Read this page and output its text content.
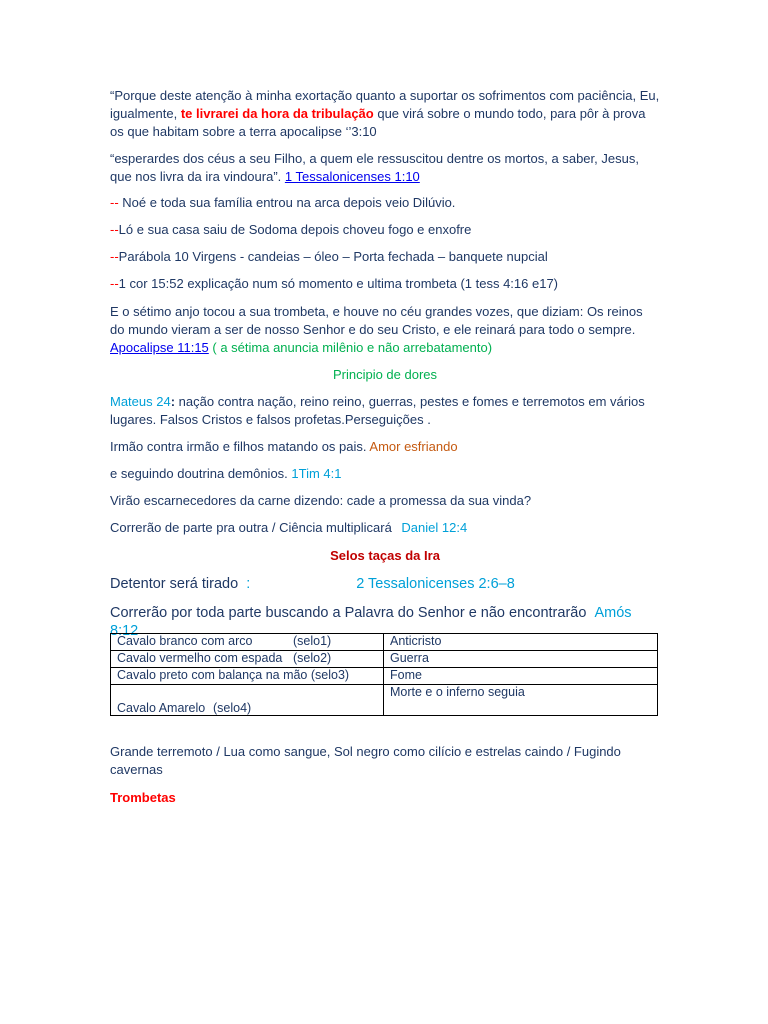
“Porque deste atenção à minha exortação quanto a suportar os sofrimentos com paciência, Eu, igualmente, te livrarei da hora da tribulação que virá sobre o mundo todo, para pôr à prova os que habitam sobre a terra apocalipse ‘’3:10

“esperardes dos céus a seu Filho, a quem ele ressuscitou dentre os mortos, a saber, Jesus, que nos livra da ira vindoura”. 1 Tessalonicenses 1:10

-- Noé e toda sua família entrou na arca depois veio Dilúvio.

--Ló e sua casa saiu de Sodoma depois choveu fogo e enxofre

--Parábola 10 Virgens - candeias – óleo – Porta fechada – banquete nupcial

--1 cor 15:52 explicação num só momento e ultima trombeta (1 tess 4:16 e17)

E o sétimo anjo tocou a sua trombeta, e houve no céu grandes vozes, que diziam: Os reinos do mundo vieram a ser de nosso Senhor e do seu Cristo, e ele reinará para todo o sempre. Apocalipse 11:15 ( a sétima anuncia milênio e não arrebatamento)

Principio de dores

Mateus 24: nação contra nação, reino reino, guerras, pestes e fomes e terremotos em vários lugares. Falsos Cristos e falsos profetas.Perseguições .

Irmão contra irmão e filhos matando os pais. Amor esfriando

e seguindo doutrina demônios. 1Tim 4:1

Virão escarnecedores da carne dizendo: cade a promessa da sua vinda?

Correrão de parte pra outra / Ciência multiplicará Daniel 12:4

Selos taças da Ira

Detentor será tirado :	2 Tessalonicenses 2:6–8

Correrão por toda parte buscando a Palavra do Senhor e não encontrarão Amós 8:12

Cavalo branco com arco (selo1)	Anticristo
Cavalo vermelho com espada (selo2)	Guerra
Cavalo preto com balança na mão (selo3)	Fome
Cavalo Amarelo (selo4)	Morte e o inferno seguia

Grande terremoto / Lua como sangue, Sol negro como cilício e estrelas caindo / Fugindo cavernas

Trombetas
